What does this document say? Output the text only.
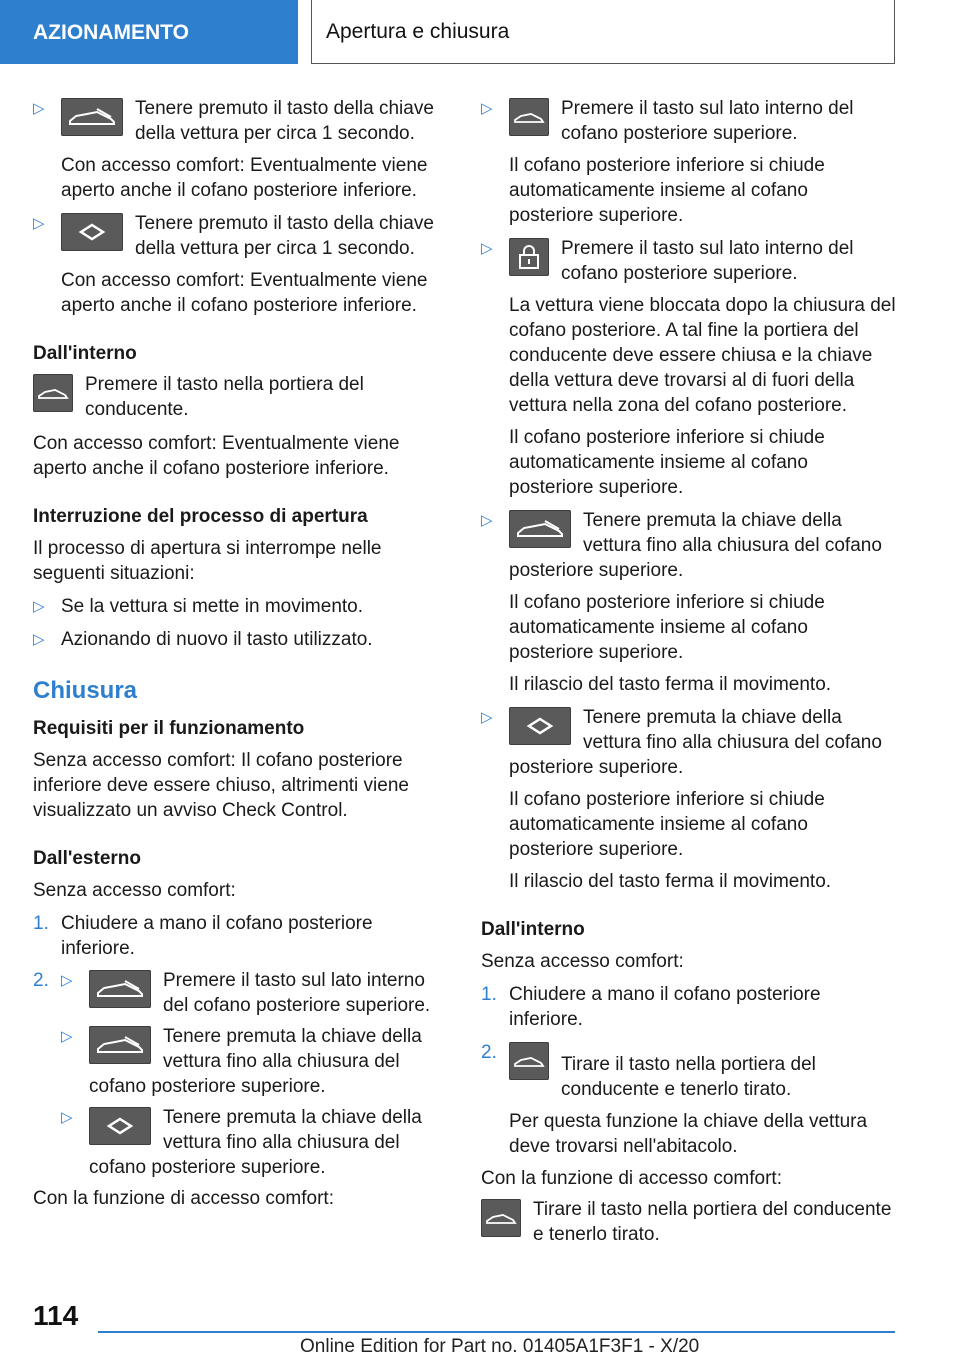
AZIONAMENTO	Apertura e chiusura
▷	Tenere premuto il tasto della chiave della vettura per circa 1 secondo.

Con accesso comfort: Eventualmente viene aperto anche il cofano posteriore inferiore.

▷	Tenere premuto il tasto della chiave della vettura per circa 1 secondo.

Con accesso comfort: Eventualmente viene aperto anche il cofano posteriore inferiore.

Dall'interno

Premere il tasto nella portiera del conducente.

Con accesso comfort: Eventualmente viene aperto anche il cofano posteriore inferiore.

Interruzione del processo di apertura

Il processo di apertura si interrompe nelle seguenti situazioni:

▷ Se la vettura si mette in movimento.

▷ Azionando di nuovo il tasto utilizzato.

Chiusura

Requisiti per il funzionamento

Senza accesso comfort: Il cofano posteriore inferiore deve essere chiuso, altrimenti viene visualizzato un avviso Check Control.

Dall'esterno

Senza accesso comfort:

1. Chiudere a mano il cofano posteriore inferiore.

2. ▷	Premere il tasto sul lato interno del cofano posteriore superiore.

▷	Tenere premuta la chiave della vettura fino alla chiusura del cofano posteriore superiore.

▷	Tenere premuta la chiave della vettura fino alla chiusura del cofano posteriore superiore.

Con la funzione di accesso comfort:

▷	Premere il tasto sul lato interno del cofano posteriore superiore.

Il cofano posteriore inferiore si chiude automaticamente insieme al cofano posteriore superiore.

▷	Premere il tasto sul lato interno del cofano posteriore superiore.

La vettura viene bloccata dopo la chiusura del cofano posteriore. A tal fine la portiera del conducente deve essere chiusa e la chiave della vettura deve trovarsi al di fuori della vettura nella zona del cofano posteriore.

Il cofano posteriore inferiore si chiude automaticamente insieme al cofano posteriore superiore.

▷	Tenere premuta la chiave della vettura fino alla chiusura del cofano posteriore superiore.

Il cofano posteriore inferiore si chiude automaticamente insieme al cofano posteriore superiore.

Il rilascio del tasto ferma il movimento.

▷	Tenere premuta la chiave della vettura fino alla chiusura del cofano posteriore superiore.

Il cofano posteriore inferiore si chiude automaticamente insieme al cofano posteriore superiore.

Il rilascio del tasto ferma il movimento.

Dall'interno

Senza accesso comfort:

1. Chiudere a mano il cofano posteriore inferiore.

2.

Tirare il tasto nella portiera del conducente e tenerlo tirato.

Per questa funzione la chiave della vettura deve trovarsi nell'abitacolo.

Con la funzione di accesso comfort:

Tirare il tasto nella portiera del conducente e tenerlo tirato.

114
Online Edition for Part no. 01405A1F3F1 - X/20
